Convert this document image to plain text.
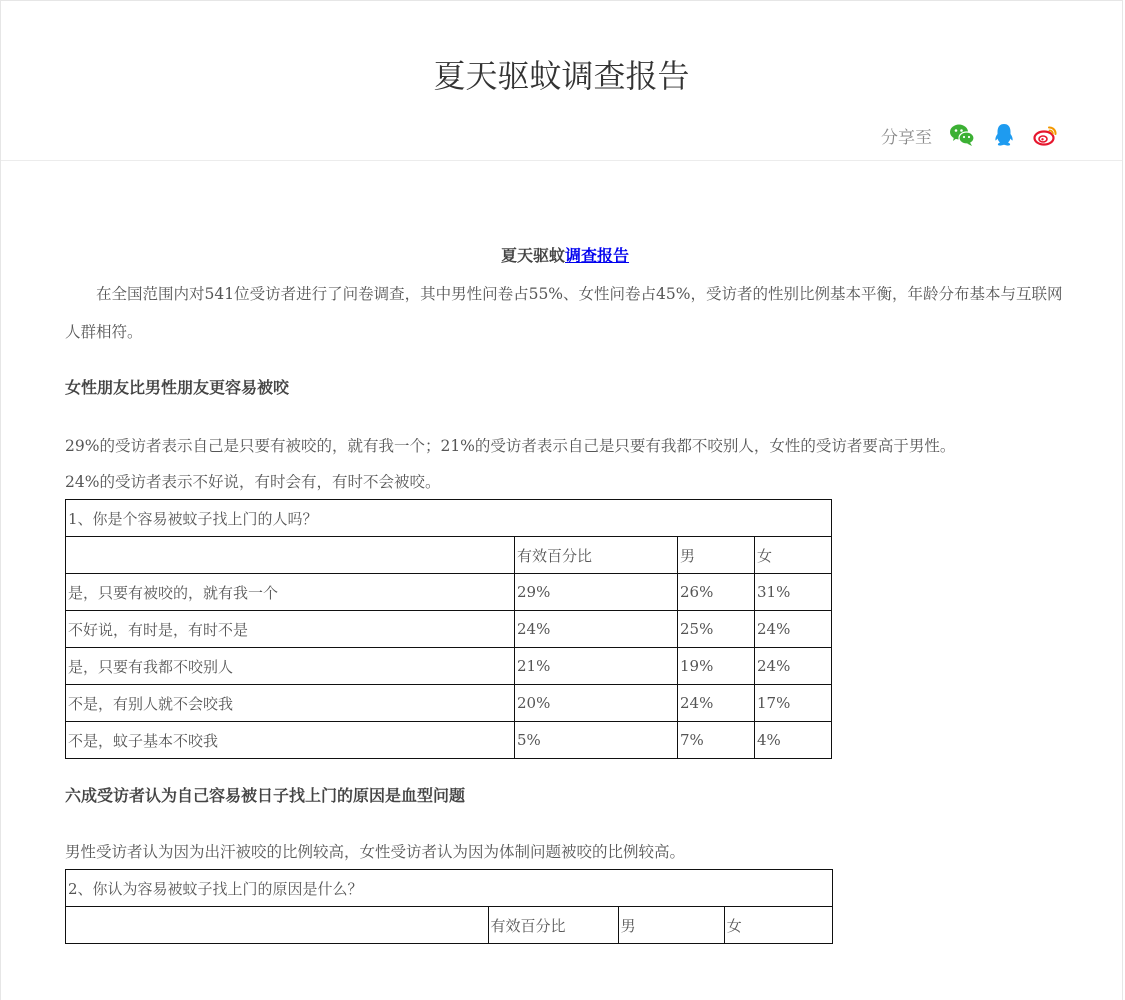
夏天驱蚊调查报告
分享至

夏天驱蚊调查报告

在全国范围内对541位受访者进行了问卷调查，其中男性问卷占55%、女性问卷占45%，受访者的性别比例基本平衡，年龄分布基本与互联网人群相符。

女性朋友比男性朋友更容易被咬

29%的受访者表示自己是只要有被咬的，就有我一个；21%的受访者表示自己是只要有我都不咬别人，女性的受访者要高于男性。

24%的受访者表示不好说，有时会有，有时不会被咬。

1、你是个容易被蚊子找上门的人吗？			
	有效百分比	男	女
是，只要有被咬的，就有我一个	29%	26%	31%
不好说，有时是，有时不是	24%	25%	24%
是，只要有我都不咬别人	21%	19%	24%
不是，有别人就不会咬我	20%	24%	17%
不是，蚊子基本不咬我	5%	7%	4%

六成受访者认为自己容易被日子找上门的原因是血型问题

男性受访者认为因为出汗被咬的比例较高，女性受访者认为因为体制问题被咬的比例较高。

2、你认为容易被蚊子找上门的原因是什么？
	有效百分比	男	女
